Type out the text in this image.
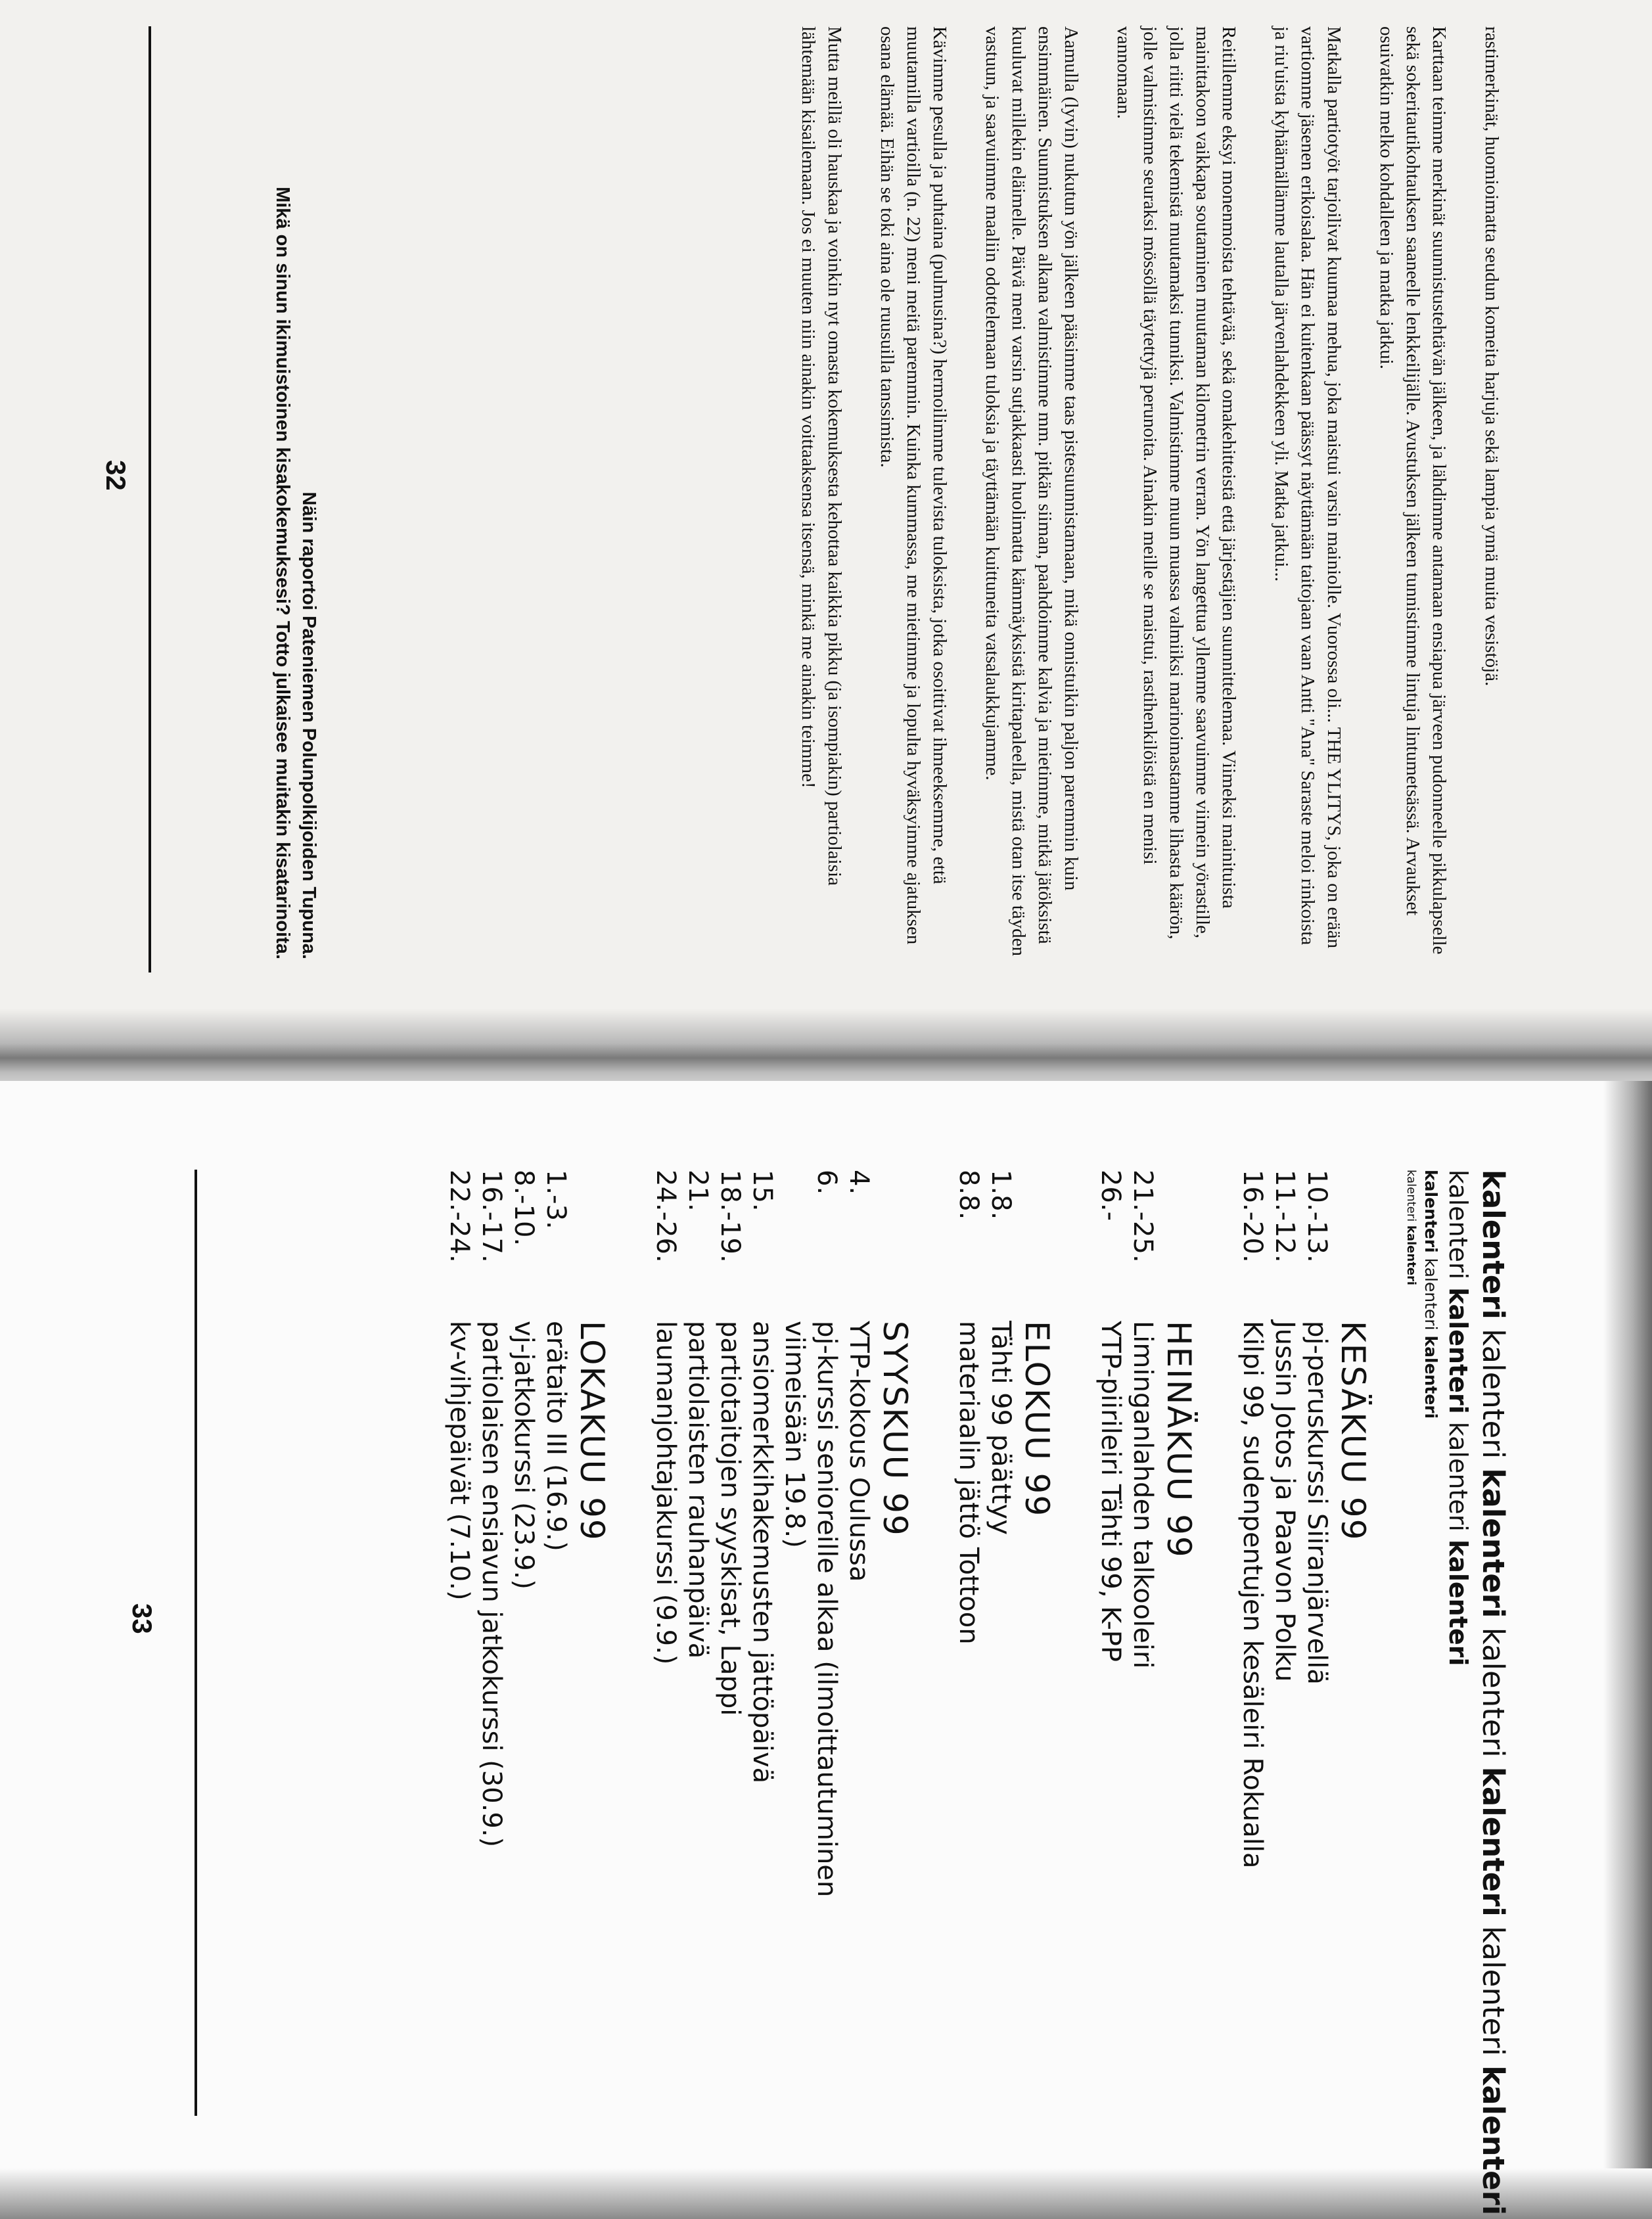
rastimerkinät, huomioimatta seudun komeita harjuja sekä lampia ynnä muita vesistöjä.

Karttaan teimme merkinät suunnistustehtävän jälkeen, ja lähdimme antamaan ensiapua järveen pudonneelle pikkulapselle sekä sokeritautikohtauksen saaneelle lenkkeilijälle. Avustuksen jälkeen tunnistimme lintuja lintumetsässä. Arvaukset osuivatkin melko kohdalleen ja matka jatkui.

Matkalla partiotyöt tarjoilivat kuumaa mehua, joka maistui varsin mainiolle. Vuorossa oli... THE YLITYS, joka on erään vartiomme jäsenen erikoisalaa. Hän ei kuitenkaan päässyt näyttämään taitojaan vaan Antti "Ana" Saraste meloi rinkoista ja riu'uista kyhäämällämme lautalla järvenlahdekkeen yli. Matka jatkui...

Reitillemme eksyi monenmoista tehtävää, sekä omakehitteistä että järjestäjien suunnittelemaa. Viimeksi mainituista mainittakoon vaikkapa soutaminen muutaman kilometrin verran. Yön langettua yllemme saavuimme viimein yörastille, jolla riitti vielä tekemistä muutamaksi tunniksi. Valmistimme muun muassa valmiiksi marinoimastamme lihasta käärön, jolle valmistimme seuraksi mössöllä täytettyjä perunoita. Ainakin meille se maistui, rastihenkilöistä en menisi vannomaan.

Aamulla (lyvin) nukutun yön jälkeen pääsimme taas pistesuunnistamaan, mikä onnistuikin paljon paremmin kuin ensimmäinen. Suunnistuksen alkana valmistimme mm. pitkän siiman, paahdoimme kalvia ja mietimme, mitkä jätöksistä kuuluvat millekin eläimelle. Päivä meni varsin sutjakkaasti huolimatta kämmäyksistä kiritapaleella, mistä otan itse täyden vastuun, ja saavuimme maaliin odottelemaan tuloksia ja täyttämään kuittuneita vatsalaukkujamme.

Kävimme pesulla ja puhtaina (pulmusina?) hermoilimme tulevista tuloksista, jotka osoittivat ihmeeksemme, että muutamilla vartioilla (n. 22) meni meitä paremmin. Kuinka kummassa, me mietimme ja lopulta hyväksyimme ajatuksen osana elämää. Eihän se toki aina ole ruusuilla tanssimista.

Mutta meillä oli hauskaa ja voinkin nyt omasta kokemuksesta kehottaa kaikkia pikku (ja isompiakin) partiolaisia lähtemään kisailemaan. Jos ei muuten niin ainakin voittaaksensa itsensä, minkä me ainakin teimme!

Näin raportoi Pateniemen Polunpolkijoiden Tupuna.

Mikä on sinun ikimuistoinen kisakokemuksesi? Totto julkaisee muitakin kisatarinoita.

32

kalenteri kalenteri kalenteri kalenteri kalenteri kalenteri kalenteri

kalenteri kalenteri kalenteri kalenteri

kalenteri kalenteri kalenteri

kalenteri kalenteri

KESÄKUU 99

10.-13.
pj-peruskurssi Siiranjärvellä

11.-12.
Jussin Jotos ja Paavon Polku

16.-20.
Kilpi 99, sudenpentujen kesäleiri Rokualla

HEINÄKUU 99

21.-25.
Liminganlahden talkooleiri

26.-
YTP-piirileiri Tähti 99, K-PP

ELOKUU 99

1.8.
Tähti 99 päättyy

8.8.
materiaalin jättö Tottoon

SYYSKUU 99

4.
YTP-kokous Oulussa

6.
pj-kurssi senioreille alkaa (ilmoittautuminen
viimeisään 19.8.)

15.
ansiomerkkihakemusten jättöpäivä

18.-19.
partiotaitojen syyskisat, Lappi

21.
partiolaisten rauhanpäivä

24.-26.
laumanjohtajakurssi (9.9.)

LOKAKUU 99

1.-3.
erätaito III (16.9.)

8.-10.
vj-jatkokurssi (23.9.)

16.-17.
partiolaisen ensiavun jatkokurssi (30.9.)

22.-24.
kv-vihjepäivät (7.10.)

33
